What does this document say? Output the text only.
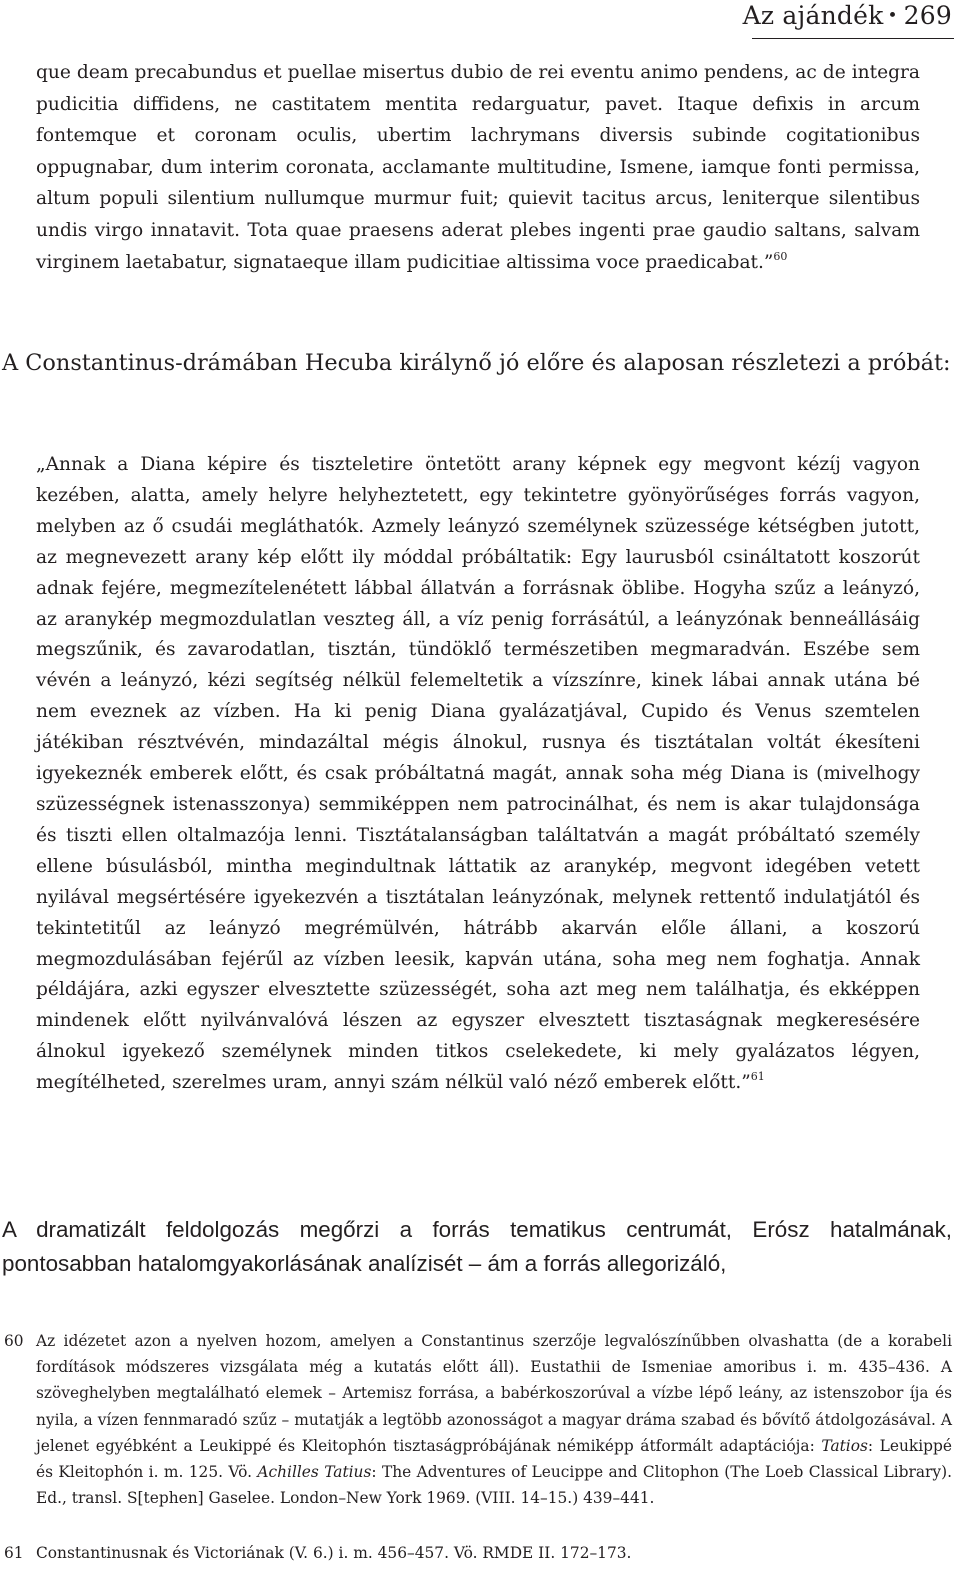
Az ajándék • 269
que deam precabundus et puellae misertus dubio de rei eventu animo pendens, ac de integra pudicitia diffidens, ne castitatem mentita redarguatur, pavet. Itaque defixis in arcum fontemque et coronam oculis, ubertim lachrymans diversis subinde cogitationibus oppugnabar, dum interim coronata, acclamante multitudine, Ismene, iamque fonti permissa, altum populi silentium nullumque murmur fuit; quievit tacitus arcus, leniterque silentibus undis virgo innatavit. Tota quae praesens aderat plebes ingenti prae gaudio saltans, salvam virginem laetabatur, signataeque illam pudicitiae altissima voce praedicabat.”$^{60}$
A Constantinus-drámában Hecuba királynő jó előre és alaposan részletezi a próbát:
„Annak a Diana képire és tiszteletire öntetött arany képnek egy megvont kézíj vagyon kezében, alatta, amely helyre helyheztetett, egy tekintetre gyönyörűséges forrás vagyon, melyben az ő csudái megláthatók. Azmely leányzó személynek szüzessége kétségben jutott, az megnevezett arany kép előtt ily móddal próbáltatik: Egy laurusból csináltatott koszorút adnak fejére, megmezítelenétett lábbal állatván a forrásnak öblibe. Hogyha szűz a leányzó, az aranykép megmozdulatlan veszteg áll, a víz penig forrásátúl, a leányzónak benneállásáig megszűnik, és zavarodatlan, tisztán, tündöklő természetiben megmaradván. Eszébe sem vévén a leányzó, kézi segítség nélkül felemeltetik a vízszínre, kinek lábai annak utána bé nem eveznek az vízben. Ha ki penig Diana gyalázatjával, Cupido és Venus szemtelen játékiban résztvévén, mindazáltal mégis álnokul, rusnya és tisztátalan voltát ékesíteni igyekeznék emberek előtt, és csak próbáltatná magát, annak soha még Diana is (mivelhogy szüzességnek istenasszonya) semmiképpen nem patrocinálhat, és nem is akar tulajdonsága és tiszti ellen oltalmazója lenni. Tisztátalanságban találtatván a magát próbáltató személy ellene búsulásból, mintha megindultnak láttatik az aranykép, megvont idegében vetett nyilával megsértésére igyekezvén a tisztátalan leányzónak, melynek rettentő indulatjától és tekintetitűl az leányzó megrémülvén, hátrább akarván előle állani, a koszorú megmozdulásában fejérűl az vízben leesik, kapván utána, soha meg nem foghatja. Annak példájára, azki egyszer elvesztette szüzességét, soha azt meg nem találhatja, és ekképpen mindenek előtt nyilvánvalóvá lészen az egyszer elvesztett tisztaságnak megkeresésére álnokul igyekező személynek minden titkos cselekedete, ki mely gyalázatos légyen, megítélheted, szerelmes uram, annyi szám nélkül való néző emberek előtt.”$^{61}$
A dramatizált feldolgozás megőrzi a forrás tematikus centrumát, Erósz hatalmának, pontosabban hatalomgyakorlásának analízisét – ám a forrás allegorizáló,
60 Az idézetet azon a nyelven hozom, amelyen a Constantinus szerzője legvalószínűbben olvashatta (de a korabeli fordítások módszeres vizsgálata még a kutatás előtt áll). Eustathii de Ismeniae amoribus i. m. 435–436. A szöveghelyben megtalálható elemek – Artemisz forrása, a babérkoszorúval a vízbe lépő leány, az istenszobor íja és nyila, a vízen fennmaradó szűz – mutatják a legtöbb azonosságot a magyar dráma szabad és bővítő átdolgozásával. A jelenet egyébként a Leukippé és Kleitophón tisztaságpróbájának némiképp átformált adaptációja: Tatios: Leukippé és Kleitophón i. m. 125. Vö. Achilles Tatius: The Adventures of Leucippe and Clitophon (The Loeb Classical Library). Ed., transl. S[tephen] Gaselee. London–New York 1969. (VIII. 14–15.) 439–441.
61 Constantinusnak és Victoriának (V. 6.) i. m. 456–457. Vö. RMDE II. 172–173.
